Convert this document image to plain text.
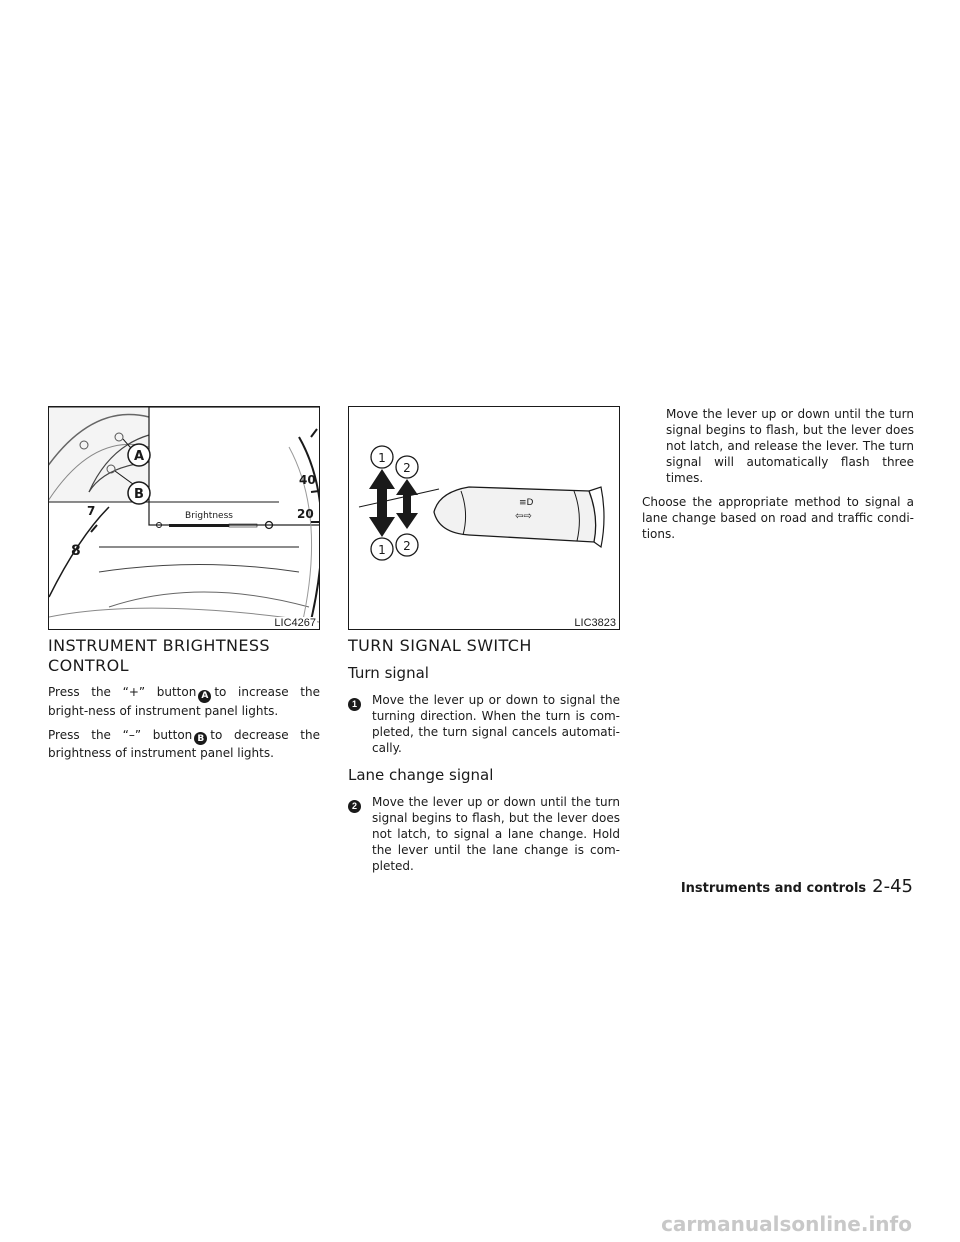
A
B
Brightness
40
20
8
7
LIC4267
INSTRUMENT BRIGHTNESS
CONTROL

Press the “+” button A to increase the bright-ness of instrument panel lights.

Press the “–” button B to decrease the brightness of instrument panel lights.

1
2
1 2
≡D
⇦⇨
LIC3823
TURN SIGNAL SWITCH
Turn signal
1	Move the lever up or down to signal the turning direction. When the turn is com-pleted, the turn signal cancels automati-cally.

Lane change signal
2	Move the lever up or down until the turn signal begins to flash, but the lever does not latch, to signal a lane change. Hold the lever until the lane change is com-pleted.

Move the lever up or down until the turn signal begins to flash, but the lever does not latch, and release the lever. The turn signal will automatically flash three times.

Choose the appropriate method to signal a lane change based on road and traffic condi-tions.

Instruments and controls 2-45
carmanualsonline.info
